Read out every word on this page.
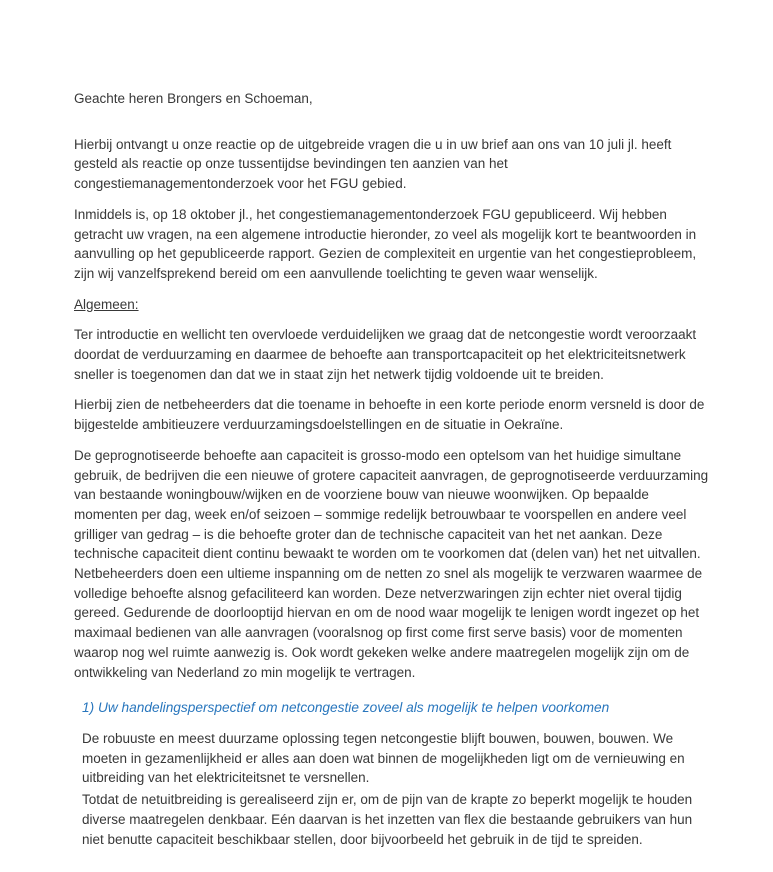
Geachte heren Brongers en Schoeman,

Hierbij ontvangt u onze reactie op de uitgebreide vragen die u in uw brief aan ons van 10 juli jl. heeft gesteld als reactie op onze tussentijdse bevindingen ten aanzien van het congestiemanagementonderzoek voor het FGU gebied.

Inmiddels is, op 18 oktober jl., het congestiemanagementonderzoek FGU gepubliceerd. Wij hebben getracht uw vragen, na een algemene introductie hieronder, zo veel als mogelijk kort te beantwoorden in aanvulling op het gepubliceerde rapport. Gezien de complexiteit en urgentie van het congestieprobleem, zijn wij vanzelfsprekend bereid om een aanvullende toelichting te geven waar wenselijk.

Algemeen:

Ter introductie en wellicht ten overvloede verduidelijken we graag dat de netcongestie wordt veroorzaakt doordat de verduurzaming en daarmee de behoefte aan transportcapaciteit op het elektriciteitsnetwerk sneller is toegenomen dan dat we in staat zijn het netwerk tijdig voldoende uit te breiden.

Hierbij zien de netbeheerders dat die toename in behoefte in een korte periode enorm versneld is door de bijgestelde ambitieuzere verduurzamingsdoelstellingen en de situatie in Oekraïne.

De geprognotiseerde behoefte aan capaciteit is grosso-modo een optelsom van het huidige simultane gebruik, de bedrijven die een nieuwe of grotere capaciteit aanvragen, de geprognotiseerde verduurzaming van bestaande woningbouw/wijken en de voorziene bouw van nieuwe woonwijken. Op bepaalde momenten per dag, week en/of seizoen – sommige redelijk betrouwbaar te voorspellen en andere veel grilliger van gedrag – is die behoefte groter dan de technische capaciteit van het net aankan. Deze technische capaciteit dient continu bewaakt te worden om te voorkomen dat (delen van) het net uitvallen. Netbeheerders doen een ultieme inspanning om de netten zo snel als mogelijk te verzwaren waarmee de volledige behoefte alsnog gefaciliteerd kan worden. Deze netverzwaringen zijn echter niet overal tijdig gereed. Gedurende de doorlooptijd hiervan en om de nood waar mogelijk te lenigen wordt ingezet op het maximaal bedienen van alle aanvragen (vooralsnog op first come first serve basis) voor de momenten waarop nog wel ruimte aanwezig is. Ook wordt gekeken welke andere maatregelen mogelijk zijn om de ontwikkeling van Nederland zo min mogelijk te vertragen.

1) Uw handelingsperspectief om netcongestie zoveel als mogelijk te helpen voorkomen

De robuuste en meest duurzame oplossing tegen netcongestie blijft bouwen, bouwen, bouwen. We moeten in gezamenlijkheid er alles aan doen wat binnen de mogelijkheden ligt om de vernieuwing en uitbreiding van het elektriciteitsnet te versnellen.

Totdat de netuitbreiding is gerealiseerd zijn er, om de pijn van de krapte zo beperkt mogelijk te houden diverse maatregelen denkbaar. Eén daarvan is het inzetten van flex die bestaande gebruikers van hun niet benutte capaciteit beschikbaar stellen, door bijvoorbeeld het gebruik in de tijd te spreiden.
